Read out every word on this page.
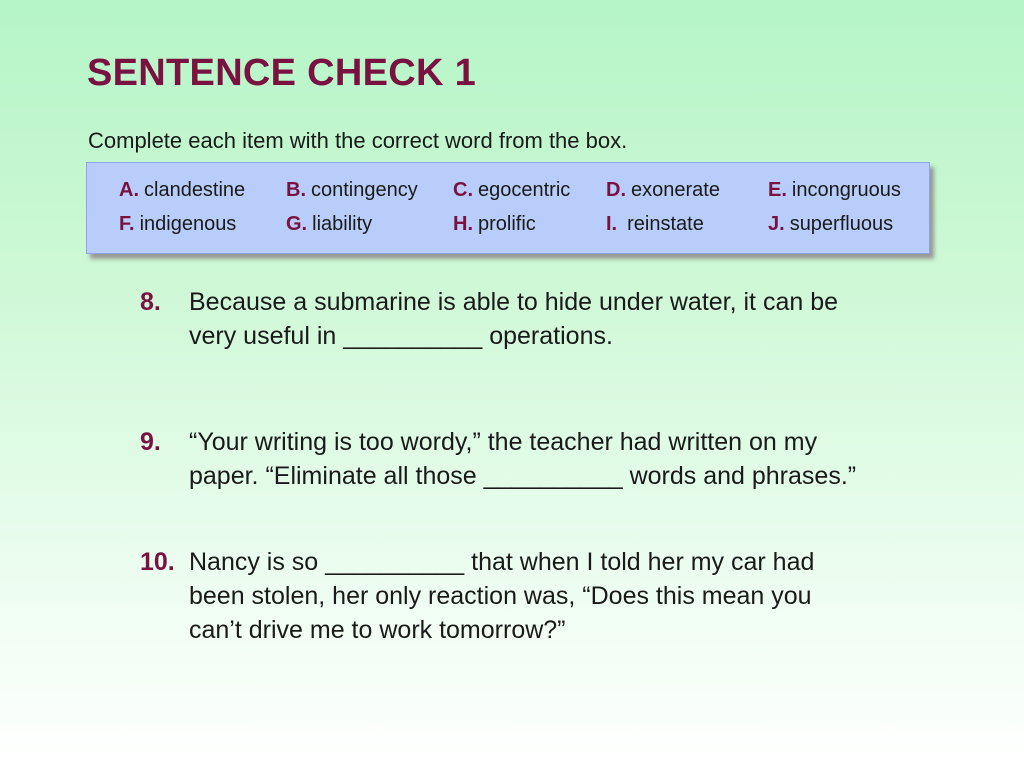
SENTENCE CHECK 1

Complete each item with the correct word from the box.

A. clandestine B. contingency C. egocentric D. exonerate E. incongruous
F. indigenous G. liability	H. prolific	I. reinstate	J. superfluous
8. Because a submarine is able to hide under water, it can be
very useful in __________ operations.
9. “Your writing is too wordy,” the teacher had written on my
paper. “Eliminate all those __________ words and phrases.”
10. Nancy is so __________ that when I told her my car had
been stolen, her only reaction was, “Does this mean you
can’t drive me to work tomorrow?”
